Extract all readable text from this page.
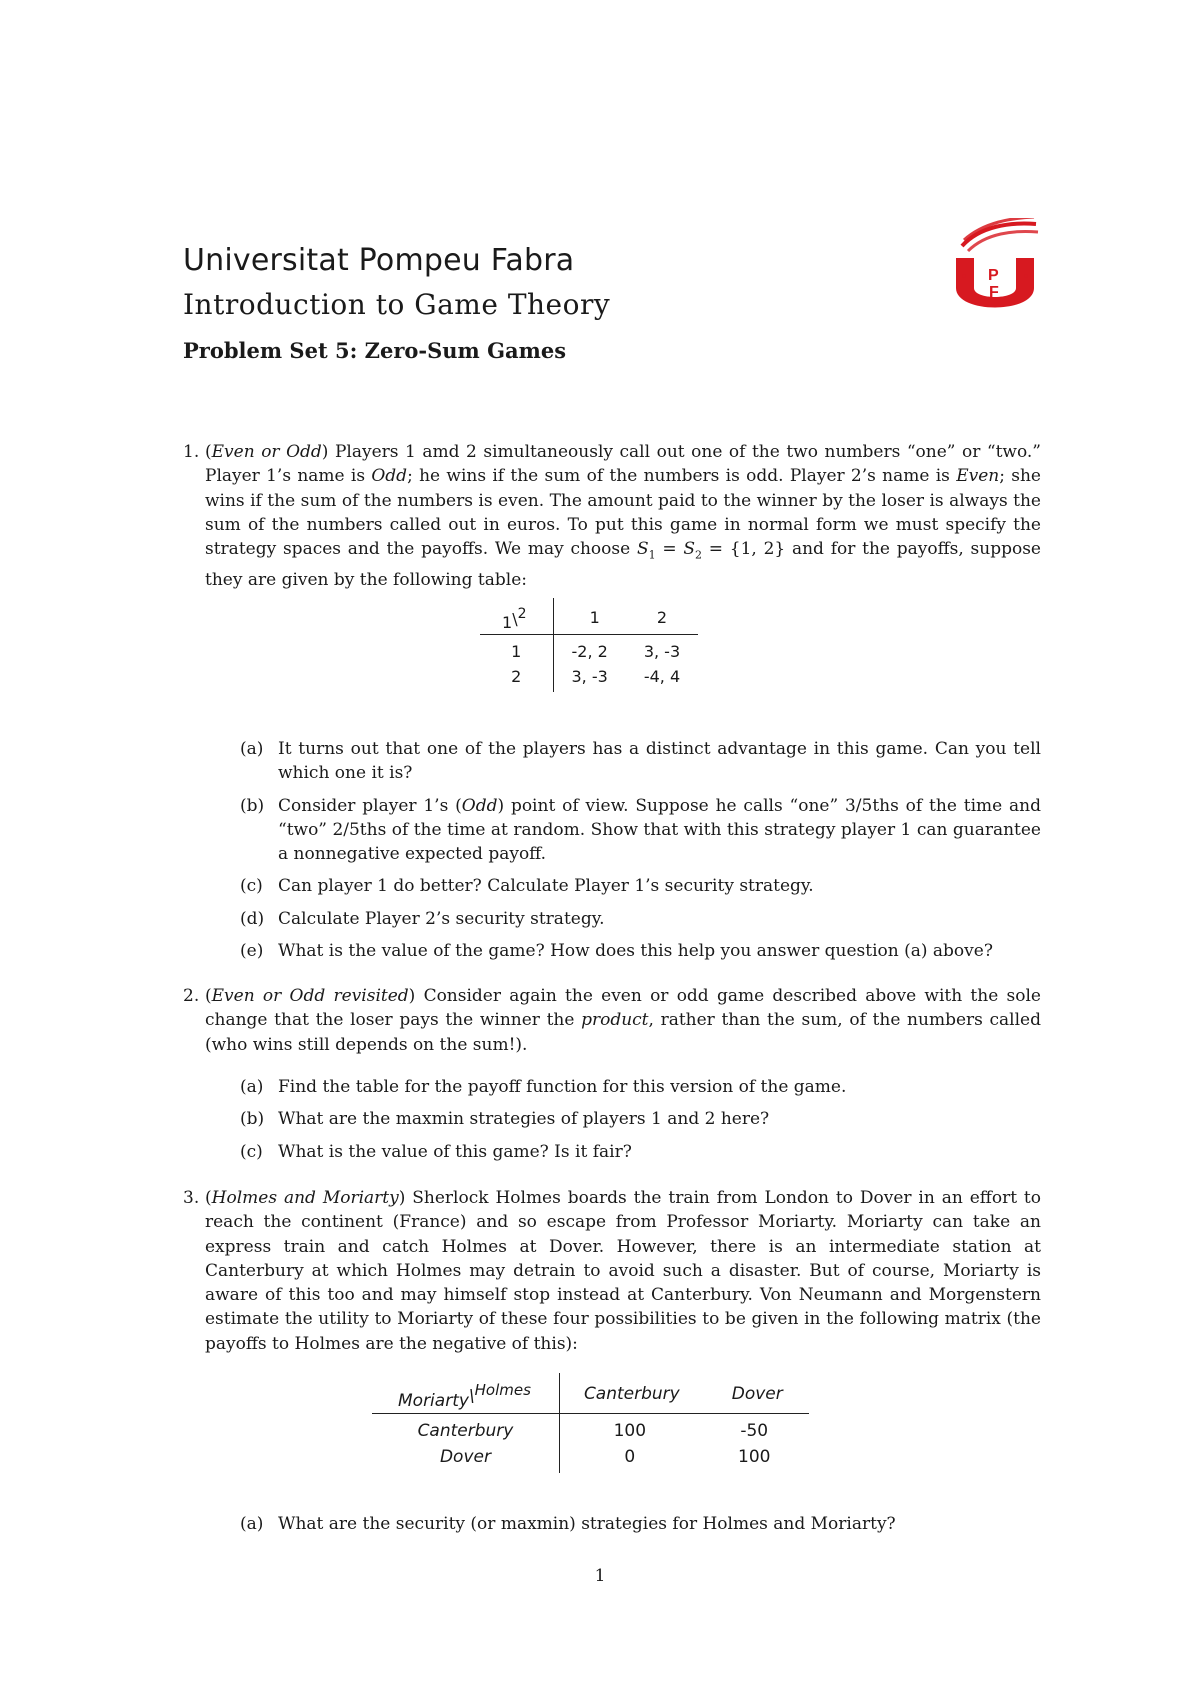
Universitat Pompeu Fabra
Introduction to Game Theory
Problem Set 5: Zero-Sum Games
P
F
1. (Even or Odd) Players 1 amd 2 simultaneously call out one of the two numbers “one” or “two.” Player 1’s name is Odd; he wins if the sum of the numbers is odd. Player 2’s name is Even; she wins if the sum of the numbers is even. The amount paid to the winner by the loser is always the sum of the numbers called out in euros. To put this game in normal form we must specify the strategy spaces and the payoffs. We may choose $S_1 = S_2 = \{1$, 2} and for the payoffs, suppose they are given by the following table:

1\$^2$	1	2
1	-2, 2	3, -3
2	3, -3	-4, 4
(a) It turns out that one of the players has a distinct advantage in this game. Can you tell which one it is?
(b) Consider player 1’s (Odd) point of view. Suppose he calls “one” 3/5ths of the time and “two” 2/5ths of the time at random. Show that with this strategy player 1 can guarantee a nonnegative expected payoff.
(c) Can player 1 do better? Calculate Player 1’s security strategy.
(d) Calculate Player 2’s security strategy.
(e) What is the value of the game? How does this help you answer question (a) above?
2. (Even or Odd revisited) Consider again the even or odd game described above with the sole change that the loser pays the winner the product, rather than the sum, of the numbers called (who wins still depends on the sum!).

(a) Find the table for the payoff function for this version of the game.
(b) What are the maxmin strategies of players 1 and 2 here?
(c) What is the value of this game? Is it fair?
3. (Holmes and Moriarty) Sherlock Holmes boards the train from London to Dover in an effort to reach the continent (France) and so escape from Professor Moriarty. Moriarty can take an express train and catch Holmes at Dover. However, there is an intermediate station at Canterbury at which Holmes may detrain to avoid such a disaster. But of course, Moriarty is aware of this too and may himself stop instead at Canterbury. Von Neumann and Morgenstern estimate the utility to Moriarty of these four possibilities to be given in the following matrix (the payoffs to Holmes are the negative of this):

Moriarty\$^{Holmes}$	Canterbury	Dover
Canterbury	100	-50
Dover	0	100
(a) What are the security (or maxmin) strategies for Holmes and Moriarty?
1
